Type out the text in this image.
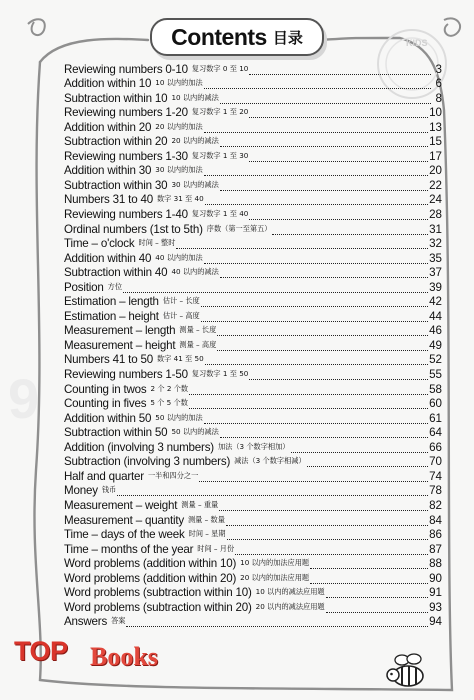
9
KIDS
Contents 目录
Reviewing numbers 0-10 复习数字 0 至 10	3
Addition within 10 10 以内的加法	6
Subtraction within 10 10 以内的减法	8
Reviewing numbers 1-20 复习数字 1 至 20	10
Addition within 20 20 以内的加法	13
Subtraction within 20 20 以内的减法	15
Reviewing numbers 1-30 复习数字 1 至 30	17
Addition within 30 30 以内的加法	20
Subtraction within 30 30 以内的减法	22
Numbers 31 to 40 数字 31 至 40	24
Reviewing numbers 1-40 复习数字 1 至 40	28
Ordinal numbers (1st to 5th) 序数（第一至第五）	31
Time – o'clock 时间 – 整时	32
Addition within 40 40 以内的加法	35
Subtraction within 40 40 以内的减法	37
Position 方位	39
Estimation – length 估计 – 长度	42
Estimation – height 估计 – 高度	44
Measurement – length 测量 – 长度	46
Measurement – height 测量 – 高度	49
Numbers 41 to 50 数字 41 至 50	52
Reviewing numbers 1-50 复习数字 1 至 50	55
Counting in twos 2 个 2 个数	58
Counting in fives 5 个 5 个数	60
Addition within 50 50 以内的加法	61
Subtraction within 50 50 以内的减法	64
Addition (involving 3 numbers) 加法（3 个数字相加）	66
Subtraction (involving 3 numbers) 减法（3 个数字相减）	70
Half and quarter 一半和四分之一	74
Money 钱币	78
Measurement – weight 测量 – 重量	82
Measurement – quantity 测量 – 数量	84
Time – days of the week 时间 – 星期	86
Time – months of the year 时间 – 月份	87
Word problems (addition within 10) 10 以内的加法应用题	88
Word problems (addition within 20) 20 以内的加法应用题	90
Word problems (subtraction within 10) 10 以内的减法应用题	91
Word problems (subtraction within 20) 20 以内的减法应用题	93
Answers 答案	94
TOP Books
